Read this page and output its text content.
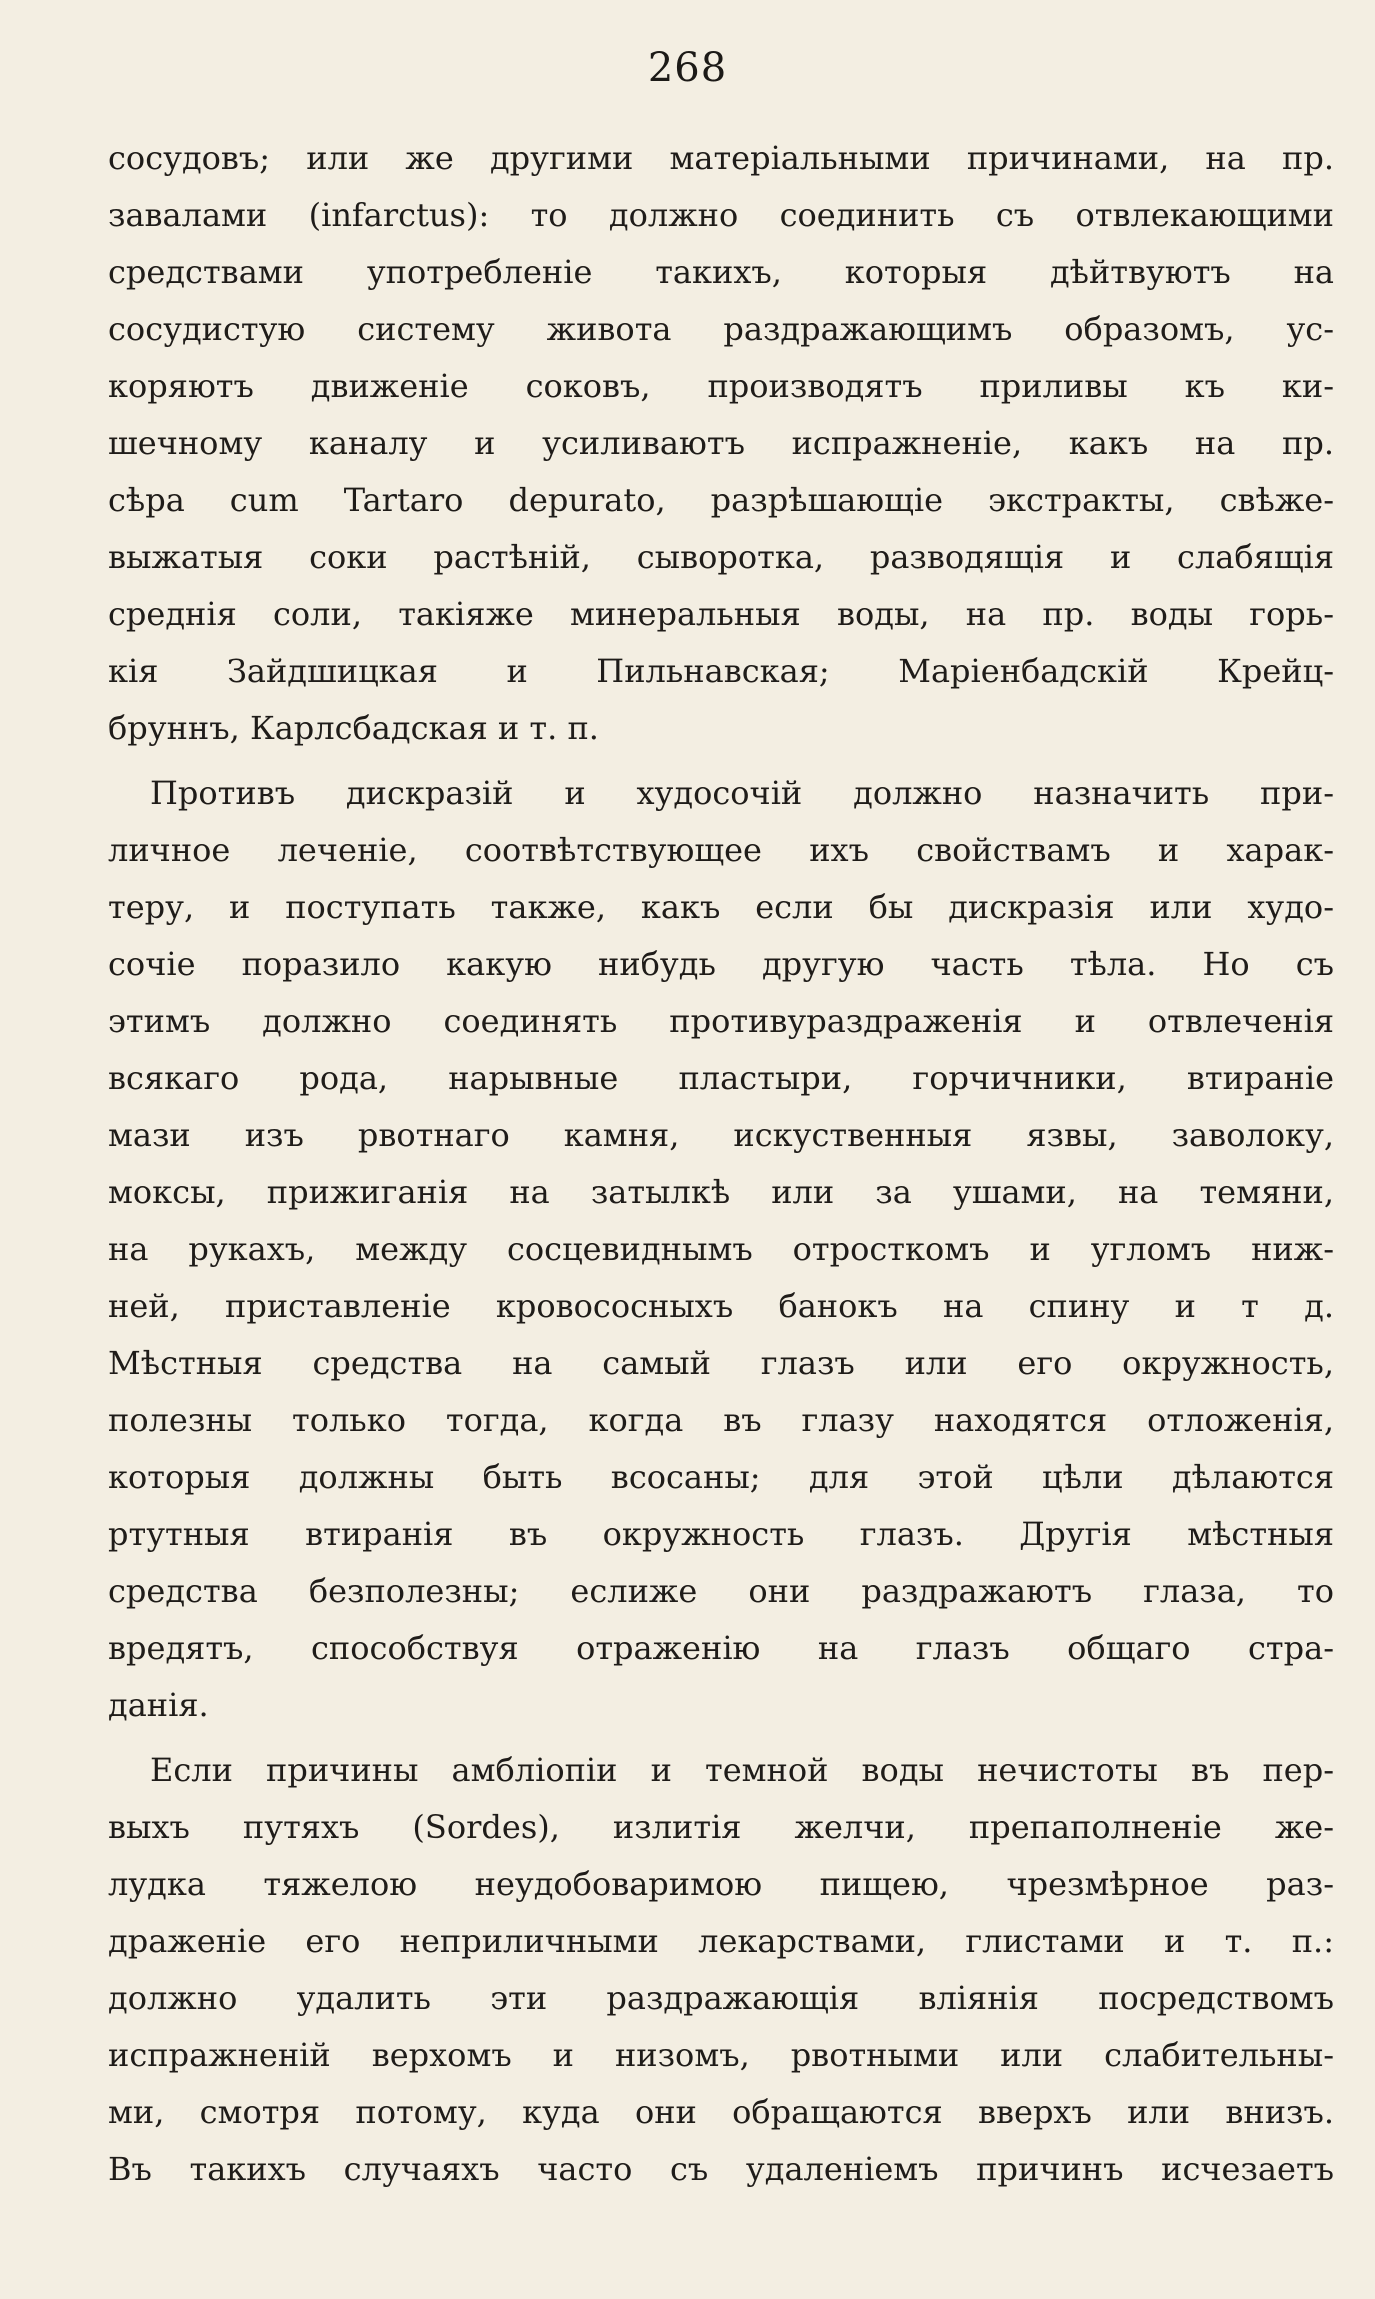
268
сосудовъ; или же другими матеріальными причинами, на пр.
завалами (infarctus): то должно соединить съ отвлекающими
средствами употребленіе такихъ, которыя дѣйтвуютъ на
сосудистую систему живота раздражающимъ образомъ, ус-
коряютъ движеніе соковъ, производятъ приливы къ ки-
шечному каналу и усиливаютъ испражненіе, какъ на пр.
сѣра cum Tartaro depurato, разрѣшающіе экстракты, свѣже-
выжатыя соки растѣній, сыворотка, разводящія и слабящія
среднія соли, такіяже минеральныя воды, на пр. воды горь-
кія Зайдшицкая и Пильнавская; Маріенбадскій Крейц-
бруннъ, Карлсбадская и т. п.
Противъ дискразій и худосочій должно назначить при-
личное леченіе, соотвѣтствующее ихъ свойствамъ и харак-
теру, и поступать также, какъ если бы дискразія или худо-
сочіе поразило какую нибудь другую часть тѣла. Но съ
этимъ должно соединять противураздраженія и отвлеченія
всякаго рода, нарывные пластыри, горчичники, втираніе
мази изъ рвотнаго камня, искуственныя язвы, заволоку,
моксы, прижиганія на затылкѣ или за ушами, на темяни,
на рукахъ, между сосцевиднымъ отросткомъ и угломъ ниж-
ней, приставленіе кровососныхъ банокъ на спину и т д.
Мѣстныя средства на самый глазъ или его окружность,
полезны только тогда, когда въ глазу находятся отложенія,
которыя должны быть всосаны; для этой цѣли дѣлаются
ртутныя втиранія въ окружность глазъ. Другія мѣстныя
средства безполезны; еслиже они раздражаютъ глаза, то
вредятъ, способствуя отраженію на глазъ общаго стра-
данія.
Если причины амбліопіи и темной воды нечистоты въ пер-
выхъ путяхъ (Sordes), излитія желчи, препаполненіе же-
лудка тяжелою неудобоваримою пищею, чрезмѣрное раз-
драженіе его неприличными лекарствами, глистами и т. п.:
должно удалить эти раздражающія вліянія посредствомъ
испражненій верхомъ и низомъ, рвотными или слабительны-
ми, смотря потому, куда они обращаются вверхъ или внизъ.
Въ такихъ случаяхъ часто съ удаленіемъ причинъ исчезаетъ
